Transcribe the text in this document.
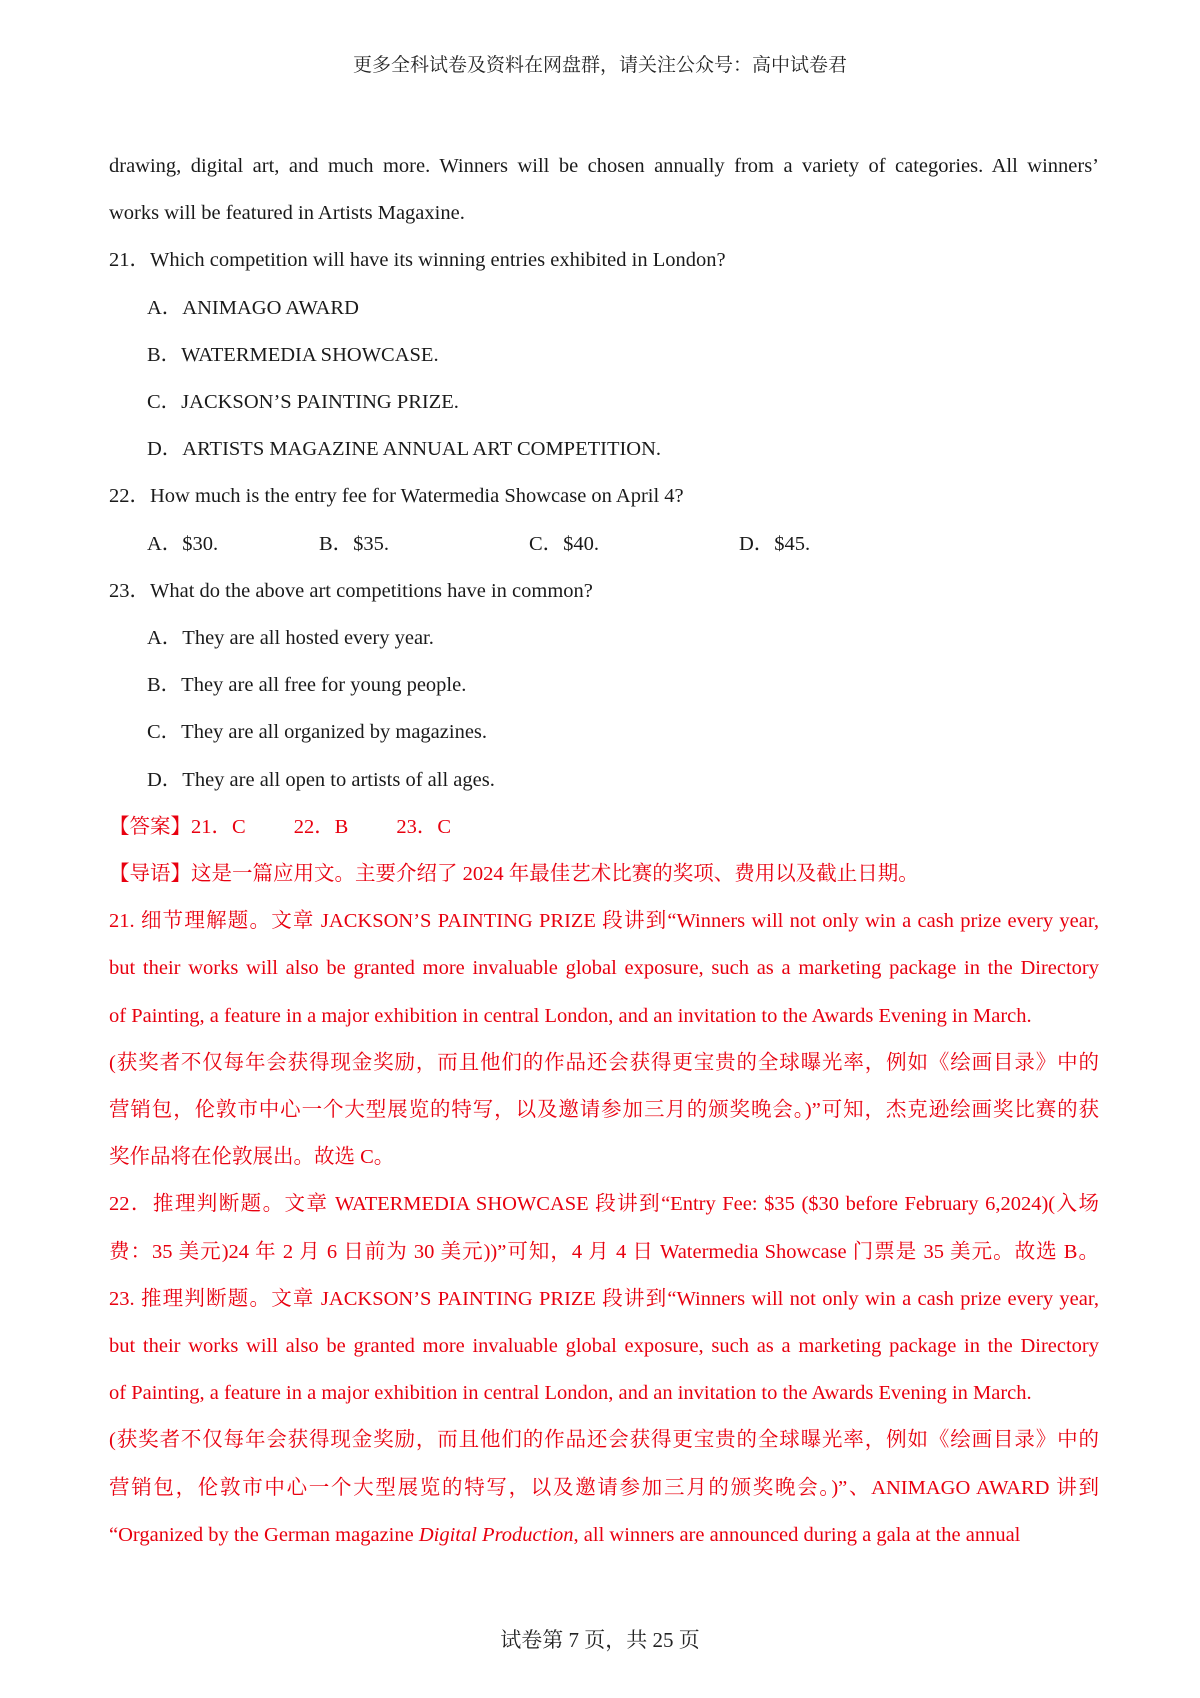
更多全科试卷及资料在网盘群，请关注公众号：高中试卷君
drawing, digital art, and much more. Winners will be chosen annually from a variety of categories. All winners’
works will be featured in Artists Magaxine.
21．Which competition will have its winning entries exhibited in London?
A．ANIMAGO AWARD
B．WATERMEDIA SHOWCASE.
C．JACKSON’S PAINTING PRIZE.
D．ARTISTS MAGAZINE ANNUAL ART COMPETITION.
22．How much is the entry fee for Watermedia Showcase on April 4?
A．$30.	B．$35.	C．$40.	D．$45.
23．What do the above art competitions have in common?
A．They are all hosted every year.
B．They are all free for young people.
C．They are all organized by magazines.
D．They are all open to artists of all ages.
【答案】21．C 22．B 23．C
【导语】这是一篇应用文。主要介绍了 2024 年最佳艺术比赛的奖项、费用以及截止日期。
21. 细节理解题。文章 JACKSON’S PAINTING PRIZE 段讲到“Winners will not only win a cash prize every year,
but their works will also be granted more invaluable global exposure, such as a marketing package in the Directory
of Painting, a feature in a major exhibition in central London, and an invitation to the Awards Evening in March.
(获奖者不仅每年会获得现金奖励，而且他们的作品还会获得更宝贵的全球曝光率，例如《绘画目录》中的
营销包，伦敦市中心一个大型展览的特写，以及邀请参加三月的颁奖晚会。)”可知，杰克逊绘画奖比赛的获
奖作品将在伦敦展出。故选 C。
22．推理判断题。文章 WATERMEDIA SHOWCASE 段讲到“Entry Fee: $35 ($30 before February 6,2024)(入场
费：35 美元)24 年 2 月 6 日前为 30 美元))”可知，4 月 4 日 Watermedia Showcase 门票是 35 美元。故选 B。
23. 推理判断题。文章 JACKSON’S PAINTING PRIZE 段讲到“Winners will not only win a cash prize every year,
but their works will also be granted more invaluable global exposure, such as a marketing package in the Directory
of Painting, a feature in a major exhibition in central London, and an invitation to the Awards Evening in March.
(获奖者不仅每年会获得现金奖励，而且他们的作品还会获得更宝贵的全球曝光率，例如《绘画目录》中的
营销包，伦敦市中心一个大型展览的特写，以及邀请参加三月的颁奖晚会。)”、ANIMAGO AWARD 讲到
“Organized by the German magazine Digital Production, all winners are announced during a gala at the annual
试卷第 7 页，共 25 页
